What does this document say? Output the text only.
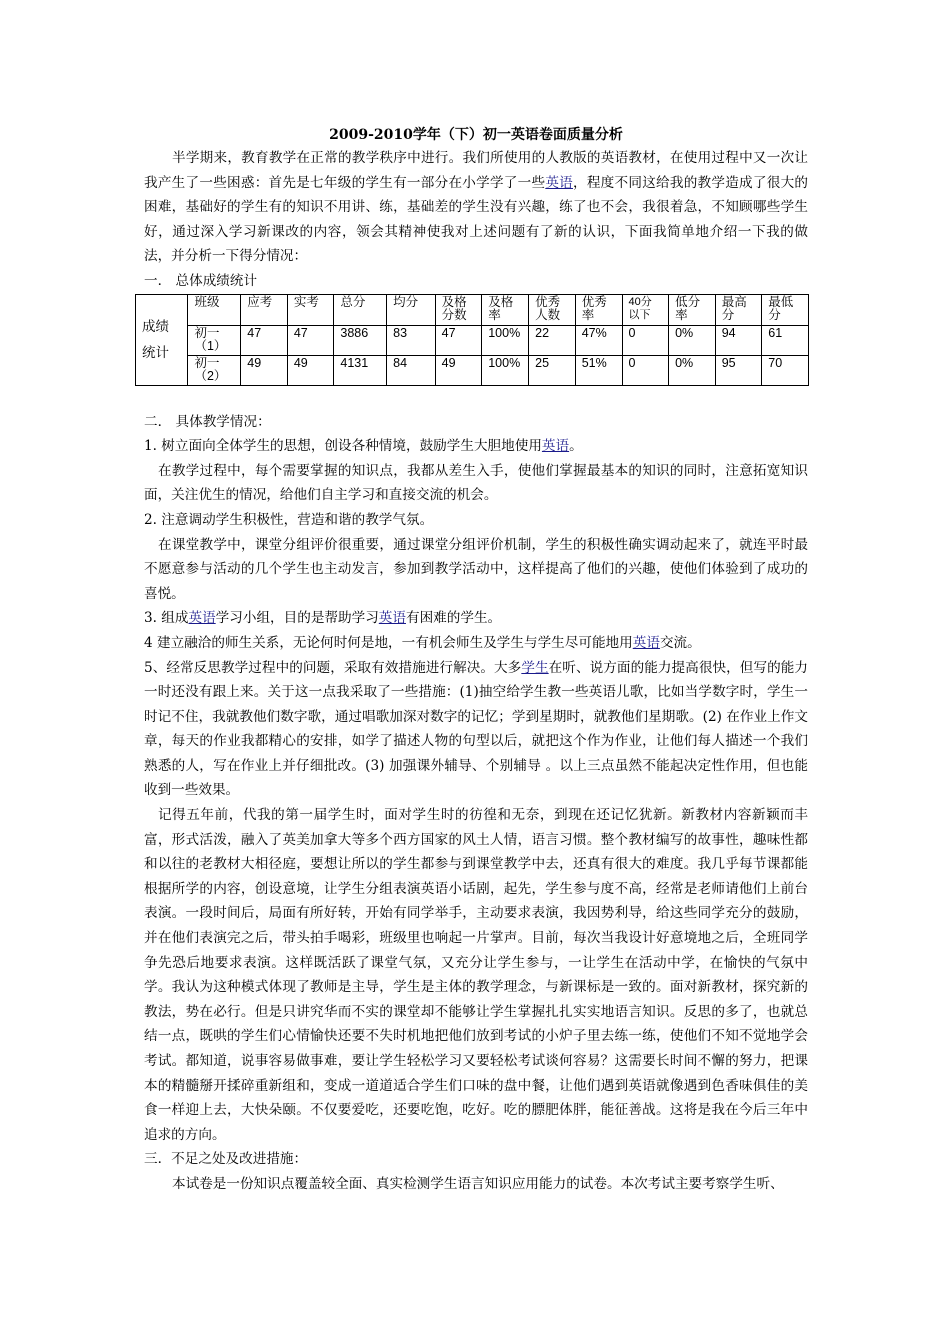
2009-2010学年（下）初一英语卷面质量分析

半学期来，教育教学在正常的教学秩序中进行。我们所使用的人教版的英语教材，在使用过程中又一次让我产生了一些困惑：首先是七年级的学生有一部分在小学学了一些英语，程度不同这给我的教学造成了很大的困难，基础好的学生有的知识不用讲、练，基础差的学生没有兴趣，练了也不会，我很着急，不知顾哪些学生好，通过深入学习新课改的内容，领会其精神使我对上述问题有了新的认识，下面我简单地介绍一下我的做法，并分析一下得分情况：

一． 总体成绩统计

成绩
统计	班级	应考	实考	总分	均分	及格分数	及格率	优秀人数	优秀率	40分以下	低分率	最高分	最低分
	初一（1）	47	47	3886	83	47	100%	22	47%	0	0%	94	61
	初一（2）	49	49	4131	84	49	100%	25	51%	0	0%	95	70

二． 具体教学情况：

1. 树立面向全体学生的思想，创设各种情境，鼓励学生大胆地使用英语。

在教学过程中，每个需要掌握的知识点，我都从差生入手，使他们掌握最基本的知识的同时，注意拓宽知识面，关注优生的情况，给他们自主学习和直接交流的机会。

2. 注意调动学生积极性，营造和谐的教学气氛。

在课堂教学中，课堂分组评价很重要，通过课堂分组评价机制，学生的积极性确实调动起来了，就连平时最不愿意参与活动的几个学生也主动发言，参加到教学活动中，这样提高了他们的兴趣，使他们体验到了成功的喜悦。

3. 组成英语学习小组，目的是帮助学习英语有困难的学生。

4 建立融洽的师生关系，无论何时何是地，一有机会师生及学生与学生尽可能地用英语交流。

5、经常反思教学过程中的问题，采取有效措施进行解决。大多学生在听、说方面的能力提高很快，但写的能力一时还没有跟上来。关于这一点我采取了一些措施：(1)抽空给学生教一些英语儿歌，比如当学数字时，学生一时记不住，我就教他们数字歌，通过唱歌加深对数字的记忆；学到星期时，就教他们星期歌。(2) 在作业上作文章，每天的作业我都精心的安排，如学了描述人物的句型以后，就把这个作为作业，让他们每人描述一个我们熟悉的人，写在作业上并仔细批改。(3) 加强课外辅导、个别辅导 。以上三点虽然不能起决定性作用，但也能收到一些效果。

记得五年前，代我的第一届学生时，面对学生时的彷徨和无奈，到现在还记忆犹新。新教材内容新颖而丰富，形式活泼，融入了英美加拿大等多个西方国家的风土人情，语言习惯。整个教材编写的故事性，趣味性都和以往的老教材大相径庭，要想让所以的学生都参与到课堂教学中去，还真有很大的难度。我几乎每节课都能根据所学的内容，创设意境，让学生分组表演英语小话剧，起先，学生参与度不高，经常是老师请他们上前台表演。一段时间后，局面有所好转，开始有同学举手，主动要求表演，我因势利导，给这些同学充分的鼓励，并在他们表演完之后，带头拍手喝彩，班级里也响起一片掌声。目前，每次当我设计好意境地之后，全班同学争先恐后地要求表演。这样既活跃了课堂气氛，又充分让学生参与，一让学生在活动中学，在愉快的气氛中学。我认为这种模式体现了教师是主导，学生是主体的教学理念，与新课标是一致的。面对新教材，探究新的教法，势在必行。但是只讲究华而不实的课堂却不能够让学生掌握扎扎实实地语言知识。反思的多了，也就总结一点，既哄的学生们心情愉快还要不失时机地把他们放到考试的小炉子里去练一练，使他们不知不觉地学会考试。都知道，说事容易做事难，要让学生轻松学习又要轻松考试谈何容易？这需要长时间不懈的努力，把课本的精髓掰开揉碎重新组和，变成一道道适合学生们口味的盘中餐，让他们遇到英语就像遇到色香味俱佳的美食一样迎上去，大快朵颐。不仅要爱吃，还要吃饱，吃好。吃的膘肥体胖，能征善战。这将是我在今后三年中追求的方向。

三．不足之处及改进措施：

本试卷是一份知识点覆盖较全面、真实检测学生语言知识应用能力的试卷。本次考试主要考察学生听、
